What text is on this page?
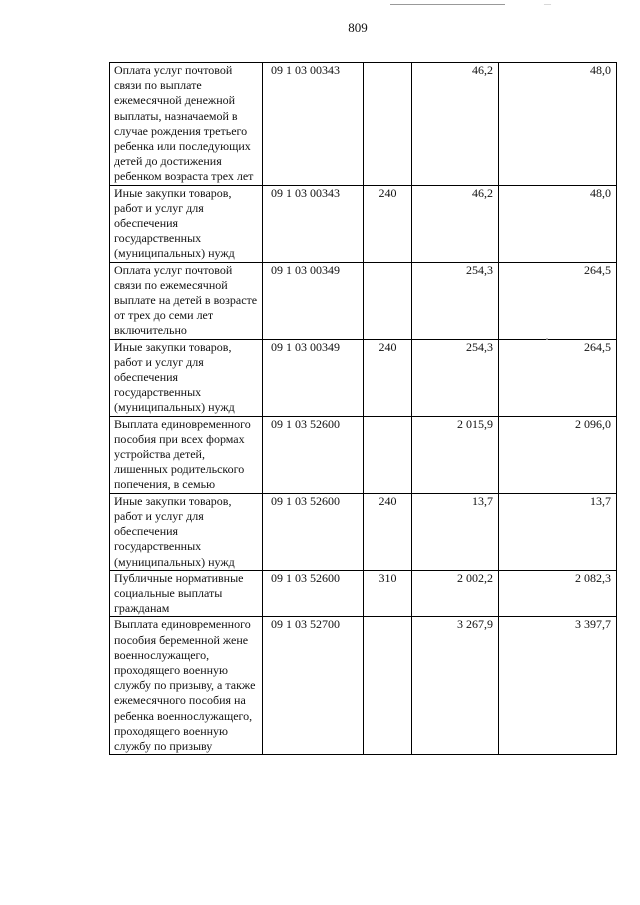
—
809
Оплата услуг почтовой связи по выплате ежемесячной денежной выплаты, назначаемой в случае рождения третьего ребенка или последующих детей до достижения ребенком возраста трех лет	09 1 03 00343		46,2	48,0
Иные закупки товаров, работ и услуг для обеспечения государственных (муниципальных) нужд	09 1 03 00343	240	46,2	48,0
Оплата услуг почтовой связи по ежемесячной выплате на детей в возрасте от трех до семи лет включительно	09 1 03 00349		254,3	264,5
Иные закупки товаров, работ и услуг для обеспечения государственных (муниципальных) нужд	09 1 03 00349	240	254,3	264,5
Выплата единовременного пособия при всех формах устройства детей, лишенных родительского попечения, в семью	09 1 03 52600		2 015,9	2 096,0
Иные закупки товаров, работ и услуг для обеспечения государственных (муниципальных) нужд	09 1 03 52600	240	13,7	13,7
Публичные нормативные социальные выплаты гражданам	09 1 03 52600	310	2 002,2	2 082,3
Выплата единовременного пособия беременной жене военнослужащего, проходящего военную службу по призыву, а также ежемесячного пособия на ребенка военнослужащего, проходящего военную службу по призыву	09 1 03 52700		3 267,9	3 397,7
